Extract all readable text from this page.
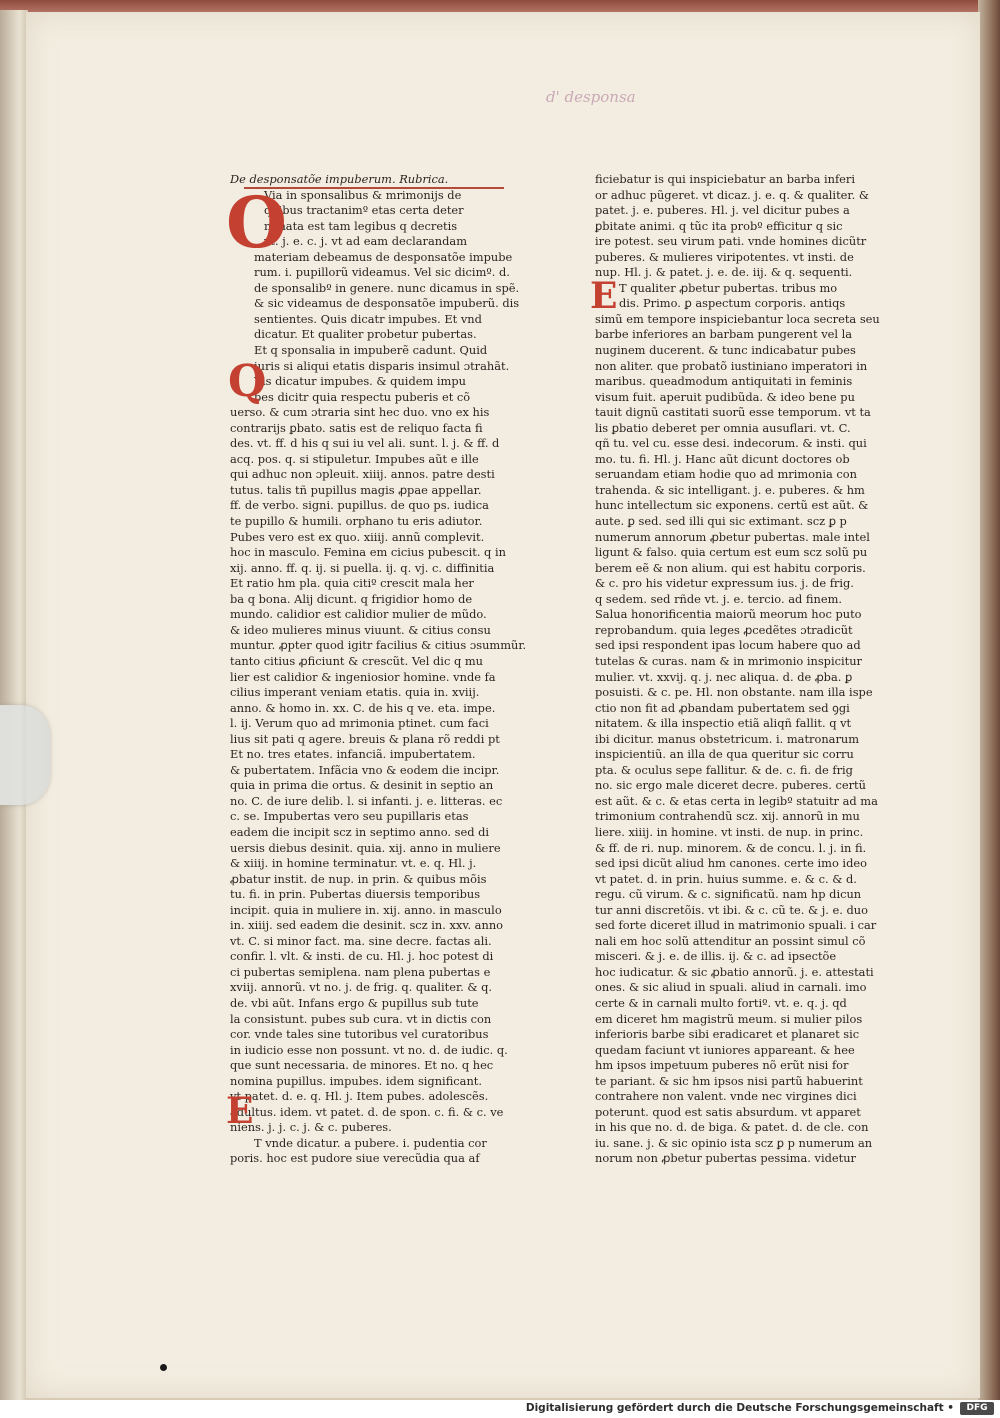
d' desponsa
De desponsatõe impuberum. Rubrica.
Via in sponsalibus & mrimonijs de
quibus tractanimº etas certa deter
minata est tam legibus q decretis
vt. j. e. c. j. vt ad eam declarandam
materiam debeamus de desponsatõe impube
rum. i. pupillorũ videamus. Vel sic dicimº. d.
de sponsalibº in genere. nunc dicamus in spẽ.
& sic videamus de desponsatõe impuberũ. dis
sentientes. Quis dicatr impubes. Et vnd
dicatur. Et qualiter probetur pubertas.
Et q sponsalia in impuberẽ cadunt. Quid
iuris si aliqui etatis disparis insimul ɔtrahãt.
Vis dicatur impubes. & quidem impu
bes dicitr quia respectu puberis et cõ
uerso. & cum ɔtraria sint hec duo. vno ex his
contrarijs ꝑbato. satis est de reliquo facta fi
des. vt. ff. d his q sui iu vel ali. sunt. l. j. & ff. d
acq. pos. q. si stipuletur. Impubes aũt e ille
qui adhuc non ɔpleuit. xiiij. annos. patre desti
tutus. talis tñ pupillus magis ꝓpae appellar.
ff. de verbo. signi. pupillus. de quo ps. iudica
te pupillo & humili. orphano tu eris adiutor.
Pubes vero est ex quo. xiiij. annũ complevit.
hoc in masculo. Femina em cicius pubescit. q in
xij. anno. ff. q. ij. si puella. ij. q. vj. c. diffinitia
Et ratio hm pla. quia citiº crescit mala her
ba q bona. Alij dicunt. q frigidior homo de
mundo. calidior est calidior mulier de mũdo.
& ideo mulieres minus viuunt. & citius consu
muntur. ꝓpter quod igitr facilius & citius ɔsummũr.
tanto citius ꝓficiunt & crescũt. Vel dic q mu
lier est calidior & ingeniosior homine. vnde fa
cilius imperant veniam etatis. quia in. xviij.
anno. & homo in. xx. C. de his q ve. eta. impe.
l. ij. Verum quo ad mrimonia ptinet. cum faci
lius sit pati q agere. breuis & plana rõ reddi pt
Et no. tres etates. infanciã. impubertatem.
& pubertatem. Infãcia vno & eodem die incipr.
quia in prima die ortus. & desinit in septio an
no. C. de iure delib. l. si infanti. j. e. litteras. ec
c. se. Impubertas vero seu pupillaris etas
eadem die incipit scz in septimo anno. sed di
uersis diebus desinit. quia. xij. anno in muliere
& xiiij. in homine terminatur. vt. e. q. Hl. j.
ꝓbatur instit. de nup. in prin. & quibus mõis
tu. fi. in prin. Pubertas diuersis temporibus
incipit. quia in muliere in. xij. anno. in masculo
in. xiiij. sed eadem die desinit. scz in. xxv. anno
vt. C. si minor fact. ma. sine decre. factas ali.
confir. l. vlt. & insti. de cu. Hl. j. hoc potest di
ci pubertas semiplena. nam plena pubertas e
xviij. annorũ. vt no. j. de frig. q. qualiter. & q.
de. vbi aũt. Infans ergo & pupillus sub tute
la consistunt. pubes sub cura. vt in dictis con
cor. vnde tales sine tutoribus vel curatoribus
in iudicio esse non possunt. vt no. d. de iudic. q.
que sunt necessaria. de minores. Et no. q hec
nomina pupillus. impubes. idem significant.
vt patet. d. e. q. Hl. j. Item pubes. adolescẽs.
adultus. idem. vt patet. d. de spon. c. fi. & c. ve
niens. j. j. c. j. & c. puberes.
T vnde dicatur. a pubere. i. pudentia cor
poris. hoc est pudore siue verecũdia qua af
ficiebatur is qui inspiciebatur an barba inferi
or adhuc pũgeret. vt dicaz. j. e. q. & qualiter. &
patet. j. e. puberes. Hl. j. vel dicitur pubes a
ꝑbitate animi. q tũc ita probº efficitur q sic
ire potest. seu virum pati. vnde homines dicũtr
puberes. & mulieres viripotentes. vt insti. de
nup. Hl. j. & patet. j. e. de. iij. & q. sequenti.
T qualiter ꝓbetur pubertas. tribus mo
dis. Primo. ꝑ aspectum corporis. antiqs
simũ em tempore inspiciebantur loca secreta seu
barbe inferiores an barbam pungerent vel la
nuginem ducerent. & tunc indicabatur pubes
non aliter. que probatõ iustiniano imperatori in
maribus. queadmodum antiquitati in feminis
visum fuit. aperuit pudibũda. & ideo bene pu
tauit dignũ castitati suorũ esse temporum. vt ta
lis ꝑbatio deberet per omnia ausuflari. vt. C.
qñ tu. vel cu. esse desi. indecorum. & insti. qui
mo. tu. fi. Hl. j. Hanc aũt dicunt doctores ob
seruandam etiam hodie quo ad mrimonia con
trahenda. & sic intelligant. j. e. puberes. & hm
hunc intellectum sic exponens. certũ est aũt. &
aute. ꝑ sed. sed illi qui sic extimant. scz ꝑ p
numerum annorum ꝓbetur pubertas. male intel
ligunt & falso. quia certum est eum scz solũ pu
berem eẽ & non alium. qui est habitu corporis.
& c. pro his videtur expressum ius. j. de frig.
q sedem. sed rñde vt. j. e. tercio. ad finem.
Salua honorificentia maiorũ meorum hoc puto
reprobandum. quia leges ꝓcedẽtes ɔtradicũt
sed ipsi respondent ipas locum habere quo ad
tutelas & curas. nam & in mrimonio inspicitur
mulier. vt. xxvij. q. j. nec aliqua. d. de ꝓba. ꝑ
posuisti. & c. pe. Hl. non obstante. nam illa ispe
ctio non fit ad ꝓbandam pubertatem sed ꝯgi
nitatem. & illa inspectio etiã aliqñ fallit. q vt
ibi dicitur. manus obstetricum. i. matronarum
inspicientiũ. an illa de qua queritur sic corru
pta. & oculus sepe fallitur. & de. c. fi. de frig
no. sic ergo male diceret decre. puberes. certũ
est aũt. & c. & etas certa in legibº statuitr ad ma
trimonium contrahendũ scz. xij. annorũ in mu
liere. xiiij. in homine. vt insti. de nup. in princ.
& ff. de ri. nup. minorem. & de concu. l. j. in fi.
sed ipsi dicũt aliud hm canones. certe imo ideo
vt patet. d. in prin. huius summe. e. & c. & d.
regu. cũ virum. & c. significatũ. nam hp dicun
tur anni discretõis. vt ibi. & c. cũ te. & j. e. duo
sed forte diceret illud in matrimonio spuali. i car
nali em hoc solũ attenditur an possint simul cõ
misceri. & j. e. de illis. ij. & c. ad ipsectõe
hoc iudicatur. & sic ꝓbatio annorũ. j. e. attestati
ones. & sic aliud in spuali. aliud in carnali. imo
certe & in carnali multo fortiº. vt. e. q. j. qd
em diceret hm magistrũ meum. si mulier pilos
inferioris barbe sibi eradicaret et planaret sic
quedam faciunt vt iuniores appareant. & hee
hm ipsos impetuum puberes nõ erũt nisi for
te pariant. & sic hm ipsos nisi partũ habuerint
contrahere non valent. vnde nec virgines dici
poterunt. quod est satis absurdum. vt apparet
in his que no. d. de biga. & patet. d. de cle. con
iu. sane. j. & sic opinio ista scz ꝑ p numerum an
norum non ꝓbetur pubertas pessima. videtur
O
Q
E
E
Digitalisierung gefördert durch die Deutsche Forschungsgemeinschaft •	DFG
